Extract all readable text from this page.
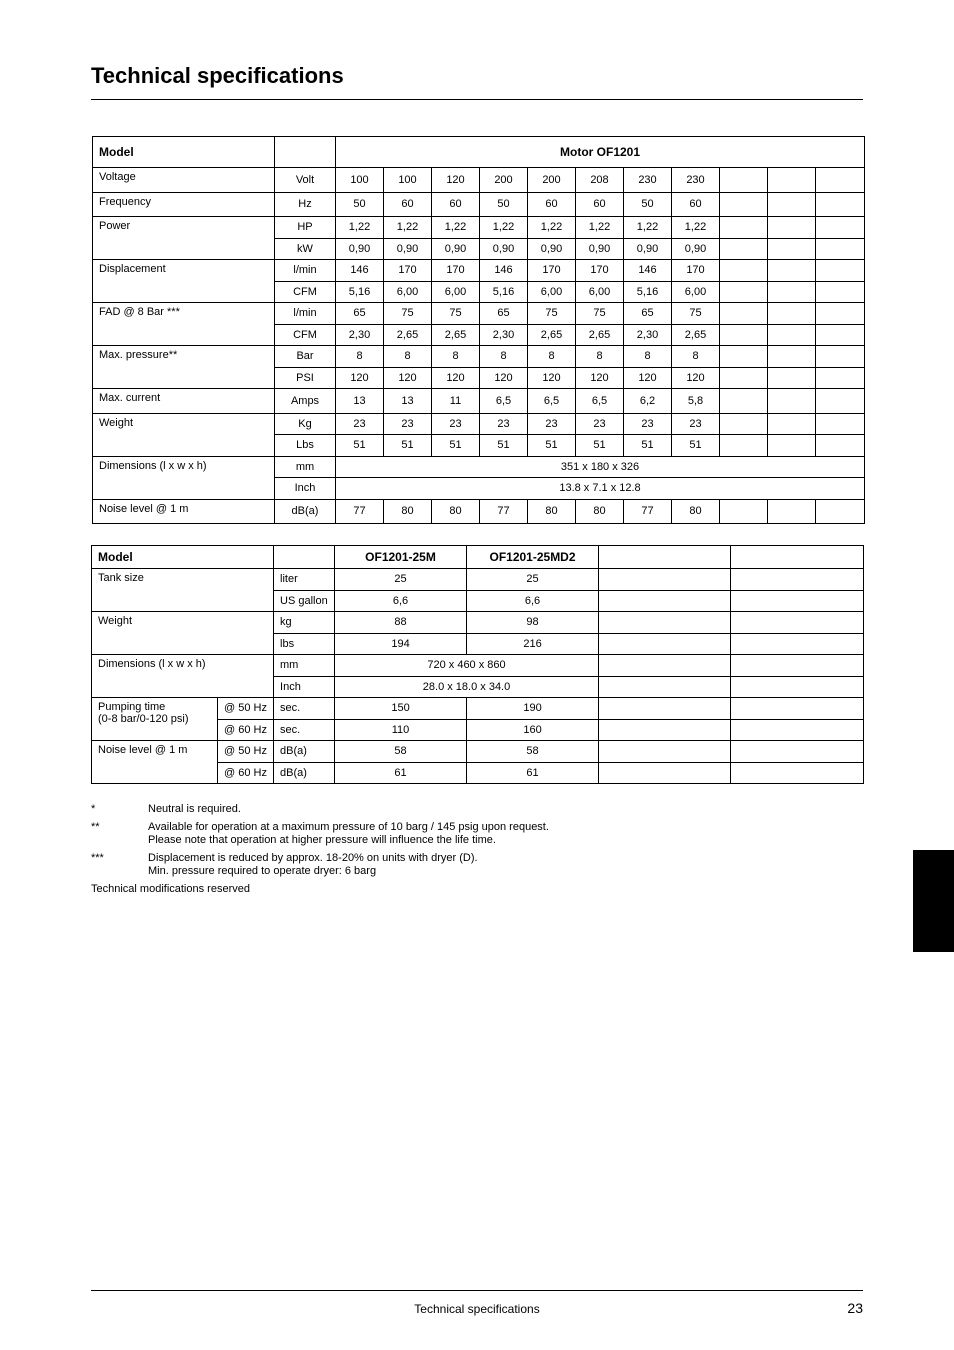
Technical specifications
Model		Motor OF1201										
Voltage	Volt	100	100	120	200	200	208	230	230			
Frequency	Hz	50	60	60	50	60	60	50	60			
Power	HP	1,22	1,22	1,22	1,22	1,22	1,22	1,22	1,22			
	kW	0,90	0,90	0,90	0,90	0,90	0,90	0,90	0,90			
Displacement	l/min	146	170	170	146	170	170	146	170			
	CFM	5,16	6,00	6,00	5,16	6,00	6,00	5,16	6,00			
FAD @ 8 Bar ***	l/min	65	75	75	65	75	75	65	75			
	CFM	2,30	2,65	2,65	2,30	2,65	2,65	2,30	2,65			
Max. pressure**	Bar	8	8	8	8	8	8	8	8			
	PSI	120	120	120	120	120	120	120	120			
Max. current	Amps	13	13	11	6,5	6,5	6,5	6,2	5,8			
Weight	Kg	23	23	23	23	23	23	23	23			
	Lbs	51	51	51	51	51	51	51	51			
Dimensions (l x w x h)	mm	351 x 180 x 326										
	Inch	13.8 x 7.1 x 12.8										
Noise level @ 1 m	dB(a)	77	80	80	77	80	80	77	80			
Model			OF1201-25M	OF1201-25MD2		
Tank size		liter	25	25		
		US gallon	6,6	6,6		
Weight		kg	88	98		
		lbs	194	216		
Dimensions (l x w x h)		mm	720 x 460 x 860			
		Inch	28.0 x 18.0 x 34.0			

Pumping time
(0-8 bar/0-120 psi)	@ 50 Hz	sec.	150	190		
	@ 60 Hz	sec.	110	160		
Noise level @ 1 m	@ 50 Hz	dB(a)	58	58		
	@ 60 Hz	dB(a)	61	61		
*	Neutral is required.
**	Available for operation at a maximum pressure of 10 barg / 145 psig upon request.
Please note that operation at higher pressure will influence the life time.
***	Displacement is reduced by approx. 18-20% on units with dryer (D).
Min. pressure required to operate dryer: 6 barg
Technical modifications reserved
Technical specifications	23
